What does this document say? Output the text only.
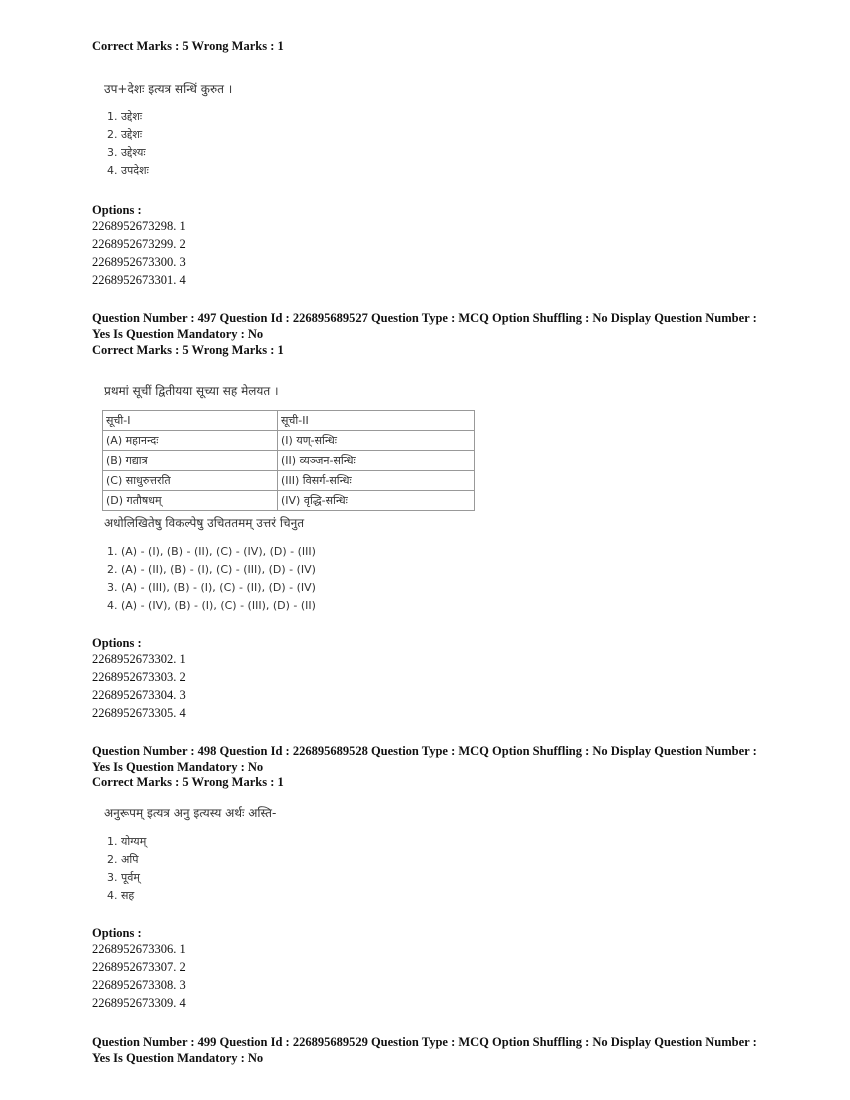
Correct Marks : 5 Wrong Marks : 1
उप+देशः इत्यत्र सन्धिं कुरुत ।
1. उद्देशः
2. उद्देशः
3. उद्देश्यः
4. उपदेशः
Options :
2268952673298. 1
2268952673299. 2
2268952673300. 3
2268952673301. 4
Question Number : 497 Question Id : 226895689527 Question Type : MCQ Option Shuffling : No Display Question Number : Yes Is Question Mandatory : No
Correct Marks : 5 Wrong Marks : 1
प्रथमां सूचीं द्वितीयया सूच्या सह मेलयत ।
सूची-I	सूची-II
(A) महानन्दः	(I) यण्-सन्धिः
(B) गद्यात्र	(II) व्यञ्जन-सन्धिः
(C) साधुरुत्तरति	(III) विसर्ग-सन्धिः
(D) गतौषधम्	(IV) वृद्धि-सन्धिः
अधोलिखितेषु विकल्पेषु उचिततमम् उत्तरं चिनुत
1. (A) - (I), (B) - (II), (C) - (IV), (D) - (III)
2. (A) - (II), (B) - (I), (C) - (III), (D) - (IV)
3. (A) - (III), (B) - (I), (C) - (II), (D) - (IV)
4. (A) - (IV), (B) - (I), (C) - (III), (D) - (II)
Options :
2268952673302. 1
2268952673303. 2
2268952673304. 3
2268952673305. 4
Question Number : 498 Question Id : 226895689528 Question Type : MCQ Option Shuffling : No Display Question Number : Yes Is Question Mandatory : No
Correct Marks : 5 Wrong Marks : 1
अनुरूपम् इत्यत्र अनु इत्यस्य अर्थः अस्ति-
1. योग्यम्
2. अपि
3. पूर्वम्
4. सह
Options :
2268952673306. 1
2268952673307. 2
2268952673308. 3
2268952673309. 4
Question Number : 499 Question Id : 226895689529 Question Type : MCQ Option Shuffling : No Display Question Number : Yes Is Question Mandatory : No
